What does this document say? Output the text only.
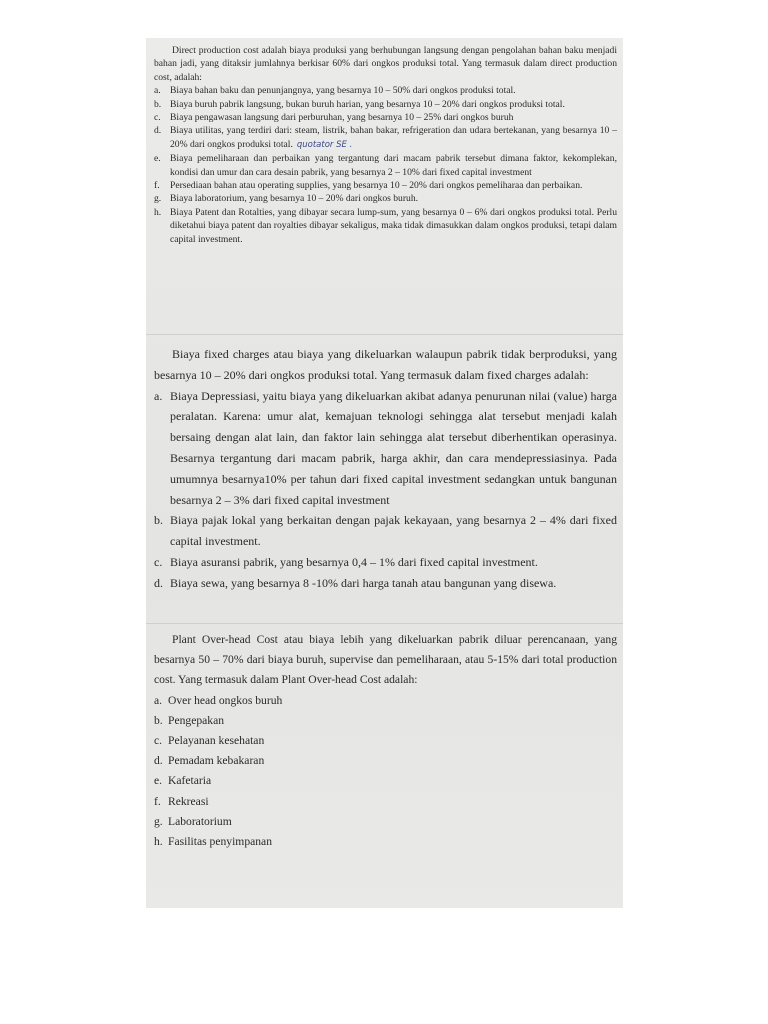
Direct production cost adalah biaya produksi yang berhubungan langsung dengan pengolahan bahan baku menjadi bahan jadi, yang ditaksir jumlahnya berkisar 60% dari ongkos produksi total. Yang termasuk dalam direct production cost, adalah:

a. Biaya bahan baku dan penunjangnya, yang besarnya 10 – 50% dari ongkos produksi total.
b. Biaya buruh pabrik langsung, bukan buruh harian, yang besarnya 10 – 20% dari ongkos produksi total.
c. Biaya pengawasan langsung dari perburuhan, yang besarnya 10 – 25% dari ongkos buruh
d. Biaya utilitas, yang terdiri dari: steam, listrik, bahan bakar, refrigeration dan udara bertekanan, yang besarnya 10 – 20% dari ongkos produksi total. quotator SE .
e. Biaya pemeliharaan dan perbaikan yang tergantung dari macam pabrik tersebut dimana faktor, kekomplekan, kondisi dan umur dan cara desain pabrik, yang besarnya 2 – 10% dari fixed capital investment
f. Persediaan bahan atau operating supplies, yang besarnya 10 – 20% dari ongkos pemeliharaa dan perbaikan.
g. Biaya laboratorium, yang besarnya 10 – 20% dari ongkos buruh.
h. Biaya Patent dan Rotalties, yang dibayar secara lump-sum, yang besarnya 0 – 6% dari ongkos produksi total. Perlu diketahui biaya patent dan royalties dibayar sekaligus, maka tidak dimasukkan dalam ongkos produksi, tetapi dalam capital investment.

Biaya fixed charges atau biaya yang dikeluarkan walaupun pabrik tidak berproduksi, yang besarnya 10 – 20% dari ongkos produksi total. Yang termasuk dalam fixed charges adalah:

a. Biaya Depressiasi, yaitu biaya yang dikeluarkan akibat adanya penurunan nilai (value) harga peralatan. Karena: umur alat, kemajuan teknologi sehingga alat tersebut menjadi kalah bersaing dengan alat lain, dan faktor lain sehingga alat tersebut diberhentikan operasinya. Besarnya tergantung dari macam pabrik, harga akhir, dan cara mendepressiasinya. Pada umumnya besarnya10% per tahun dari fixed capital investment sedangkan untuk bangunan besarnya 2 – 3% dari fixed capital investment
b. Biaya pajak lokal yang berkaitan dengan pajak kekayaan, yang besarnya 2 – 4% dari fixed capital investment.
c. Biaya asuransi pabrik, yang besarnya 0,4 – 1% dari fixed capital investment.
d. Biaya sewa, yang besarnya 8 -10% dari harga tanah atau bangunan yang disewa.

Plant Over-head Cost atau biaya lebih yang dikeluarkan pabrik diluar perencanaan, yang besarnya 50 – 70% dari biaya buruh, supervise dan pemeliharaan, atau 5-15% dari total production cost. Yang termasuk dalam Plant Over-head Cost adalah:

a. Over head ongkos buruh
b. Pengepakan
c. Pelayanan kesehatan
d. Pemadam kebakaran
e. Kafetaria
f. Rekreasi
g. Laboratorium
h. Fasilitas penyimpanan
